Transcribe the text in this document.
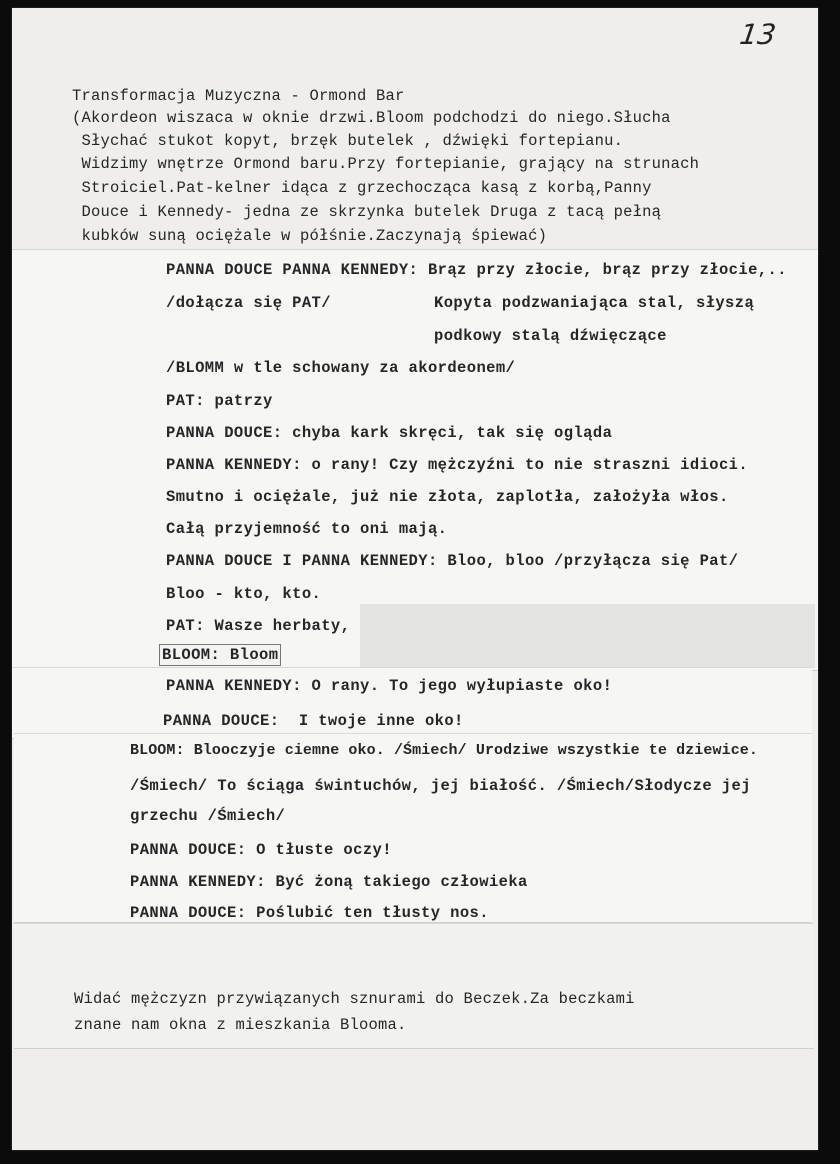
13
Transformacja Muzyczna - Ormond Bar
(Akordeon wiszaca w oknie drzwi.Bloom podchodzi do niego.Słucha
Słychać stukot kopyt, brzęk butelek , dźwięki fortepianu.
Widzimy wnętrze Ormond baru.Przy fortepianie, grający na strunach
Stroiciel.Pat-kelner idąca z grzechocząca kasą z korbą,Panny
Douce i Kennedy- jedna ze skrzynka butelek Druga z tacą pełną
kubków suną ociężale w półśnie.Zaczynają śpiewać)
PANNA DOUCE PANNA KENNEDY: Brąz przy złocie, brąz przy złocie,..
/dołącza się PAT/	Kopyta podzwaniająca stal, słyszą
podkowy stalą dźwięczące
/BLOMM w tle schowany za akordeonem/
PAT: patrzy
PANNA DOUCE: chyba kark skręci, tak się ogląda
PANNA KENNEDY: o rany! Czy mężczyźni to nie straszni idioci.
Smutno i ociężale, już nie złota, zaplotła, założyła włos.
Całą przyjemność to oni mają.
PANNA DOUCE I PANNA KENNEDY: Bloo, bloo /przyłącza się Pat/
Bloo - kto, kto.
PAT: Wasze herbaty,
BLOOM: Bloom
PANNA KENNEDY: O rany. To jego wyłupiaste oko!
PANNA DOUCE:  I twoje inne oko!
BLOOM: Blooczyje ciemne oko. /Śmiech/ Urodziwe wszystkie te dziewice.
/Śmiech/ To ściąga świntuchów, jej białość. /Śmiech/Słodycze jej
grzechu /Śmiech/
PANNA DOUCE: O tłuste oczy!
PANNA KENNEDY: Być żoną takiego człowieka
PANNA DOUCE: Poślubić ten tłusty nos.
Widać mężczyzn przywiązanych sznurami do Beczek.Za beczkami
znane nam okna z mieszkania Blooma.
